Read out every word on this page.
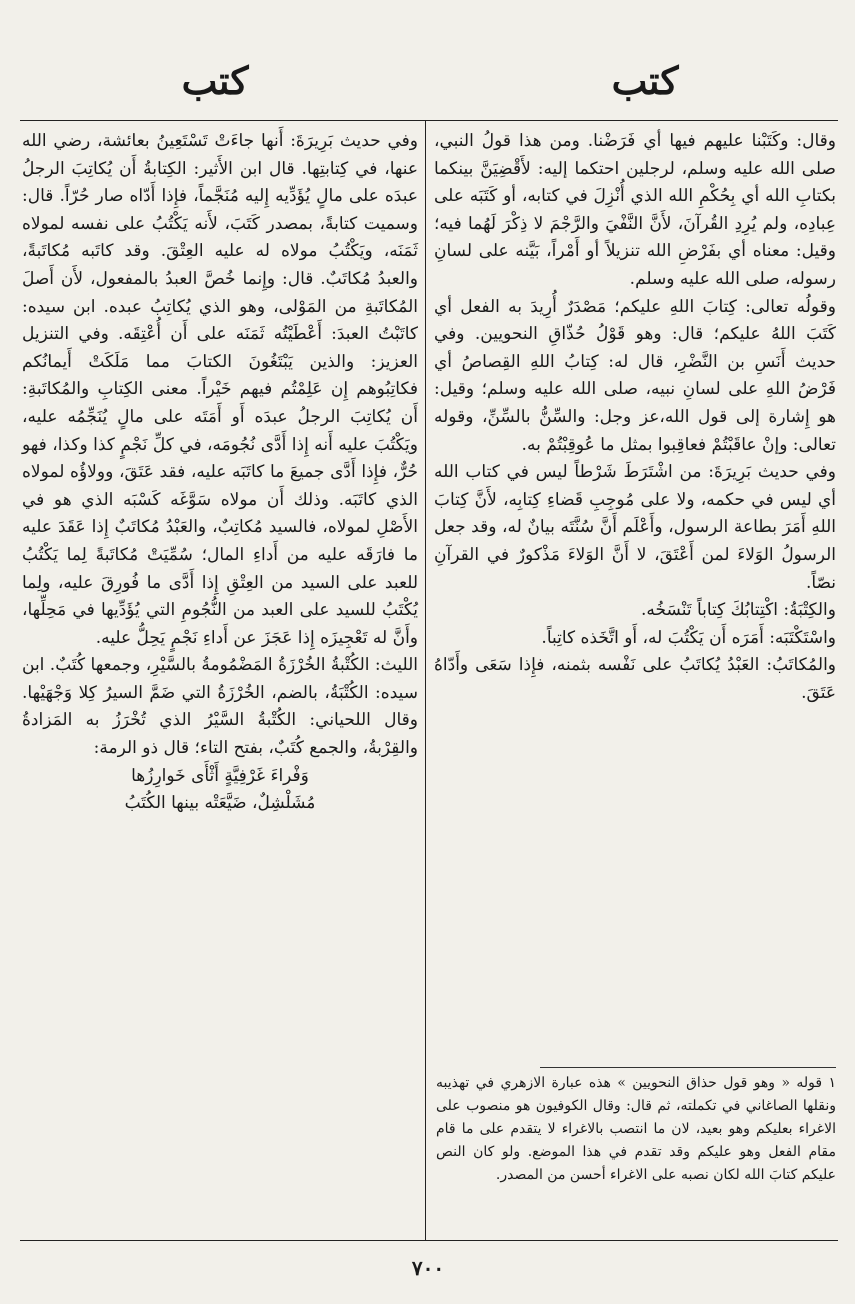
كتب
كتب

وقال: وكَتَبْنا عليهم فيها أي فَرَضْنا. ومن هذا قولُ النبي، صلى الله عليه وسلم، لرجلين احتكما إليه: لأَقْضِيَنَّ بينكما بكتابِ الله أي بِحُكْمِ الله الذي أُنْزِلَ في كتابه، أو كَتَبَه على عِبادِه، ولم يُرِدِ القُرآنَ، لأَنَّ النَّفْيَ والرَّجْمَ لا ذِكْرَ لَهُما فيه؛ وقيل: معناه أي بفَرْضِ الله تنزيلاً أو أَمْراً، بَيَّنه على لسانِ رسوله، صلى الله عليه وسلم.

وقولُه تعالى: كِتابَ اللهِ عليكم؛ مَصْدَرٌ أُرِيدَ به الفعل أي كَتَبَ اللهُ عليكم؛ قال: وهو قَوْلُ حُذّاقِ النحويين. وفي حديث أَنَسِ بن النَّضْرِ، قال له: كِتابُ اللهِ القِصاصُ أي فَرْضُ اللهِ على لسانِ نبيه، صلى الله عليه وسلم؛ وقيل: هو إِشارة إلى قول الله،عز وجل: والسِّنُّ بالسِّنِّ، وقوله تعالى: وإنْ عاقَبْتُمْ فعاقِبوا بمثل ما عُوقِبْتُمْ به.

وفي حديث بَرِيرَةَ: من اشْتَرَطَ شَرْطاً ليس في كتاب الله أي ليس في حكمه، ولا على مُوجِبِ قَضاءِ كِتابِه، لأَنَّ كِتابَ اللهِ أَمَرَ بطاعة الرسول، وأَعْلَم أَنَّ سُنَّتَه بيانٌ له، وقد جعل الرسولُ الوَلاءَ لمن أَعْتَقَ، لا أَنَّ الوَلاءَ مَذْكورٌ في القرآنِ نصّاً.

والكِتْبَةُ: اكْتِتابُكَ كِتاباً تَنْسَخُه.

واسْتَكْتَبَه: أَمَرَه أَن يَكْتُبَ له، أَو اتَّخَذه كاتِباً.

والمُكاتَبُ: العَبْدُ يُكاتَبُ على نَفْسه بثمنه، فإِذا سَعَى وأَدّاهُ عَتَقَ.

١ قوله « وهو قول حذاق النحويين » هذه عبارة الازهري في تهذيبه ونقلها الصاغاني في تكملته، ثم قال: وقال الكوفيون هو منصوب على الاغراء بعليكم وهو بعيد، لان ما انتصب بالاغراء لا يتقدم على ما قام مقام الفعل وهو عليكم وقد تقدم في هذا الموضع. ولو كان النص عليكم كتابَ الله لكان نصبه على الاغراء أحسن من المصدر.

وفي حديث بَرِيرَةَ: أَنها جاءَتْ تَسْتَعِينُ بعائشة، رضي الله عنها، في كِتابتِها. قال ابن الأَثير: الكِتابةُ أَن يُكاتِبَ الرجلُ عبدَه على مالٍ يُؤَدِّيه إِليه مُنَجَّماً، فإِذا أَدّاه صار حُرّاً. قال: وسميت كتابةً، بمصدر كَتَبَ، لأَنه يَكْتُبُ على نفسه لمولاه ثَمَنَه، ويَكْتُبُ مولاه له عليه العِتْقَ. وقد كاتَبه مُكاتَبةً، والعبدُ مُكاتَبٌ. قال: وإِنما خُصَّ العبدُ بالمفعول، لأَن أَصلَ المُكاتَبةِ من المَوْلى، وهو الذي يُكاتِبُ عبده. ابن سيده: كاتَبْتُ العبدَ: أَعْطَيْتُه ثَمَنَه على أَن أُعْتِقَه. وفي التنزيل العزيز: والذين يَبْتَغُونَ الكتابَ مما مَلَكَتْ أَيمانُكم فكاتِبُوهم إِن عَلِمْتُم فيهم خَيْراً. معنى الكِتابِ والمُكاتَبةِ: أَن يُكاتِبَ الرجلُ عبدَه أَو أَمَتَه على مالٍ يُنَجِّمُه عليه، ويَكْتُبَ عليه أَنه إِذا أَدَّى نُجُومَه، في كلِّ نَجْمٍ كذا وكذا، فهو حُرٌّ، فإِذا أَدَّى جميعَ ما كاتَبَه عليه، فقد عَتَقَ، وولاؤُه لمولاه الذي كاتَبَه. وذلك أَن مولاه سَوَّغَه كَسْبَه الذي هو في الأَصْلِ لمولاه، فالسيد مُكاتِبٌ، والعَبْدُ مُكاتَبٌ إِذا عَقَدَ عليه ما فارَقَه عليه من أَداءِ المال؛ سُمِّيَتْ مُكاتَبةً لِما يَكْتُبُ للعبد على السيد من العِتْقِ إِذا أَدَّى ما فُورِقَ عليه، ولِما يُكْتَبُ للسيد على العبد من النُّجُومِ التي يُؤَدِّيها في مَحِلِّها، وأَنَّ له تَعْجِيزَه إِذا عَجَزَ عن أَداءِ نَجْمٍ يَحِلُّ عليه.

الليث: الكُتْبةُ الخُرْزَةُ المَضْمُومةُ بالسَّيْرِ، وجمعها كُتَبٌ. ابن سيده: الكُتْبَةُ، بالضم، الخُرْزَةُ التي ضَمَّ السيرُ كِلا وَجْهَيْها. وقال اللحياني: الكُتْبةُ السَّيْرُ الذي تُخْرَزُ به المَزادةُ والقِرْبةُ، والجمع كُتَبٌ، بفتح التاء؛ قال ذو الرمة:

وَفْراءَ غَرْفِيَّةٍ أَثْأَى خَوارِزُها
مُشَلْشِلٌ، ضَيَّعَتْه بينها الكُتَبُ
٧٠٠
